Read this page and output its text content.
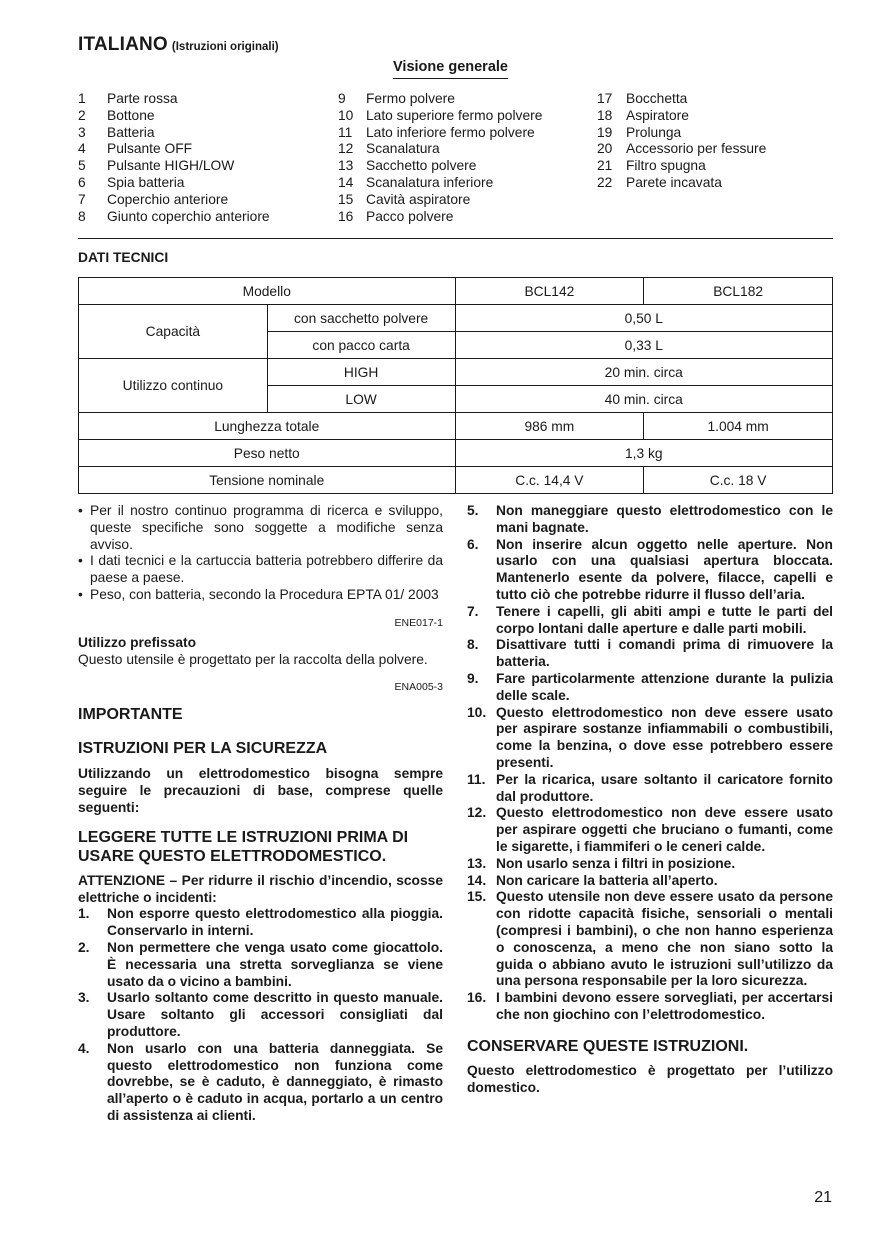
ITALIANO (Istruzioni originali)
Visione generale
1 Parte rossa
2 Bottone
3 Batteria
4 Pulsante OFF
5 Pulsante HIGH/LOW
6 Spia batteria
7 Coperchio anteriore
8 Giunto coperchio anteriore
9 Fermo polvere
10 Lato superiore fermo polvere
11 Lato inferiore fermo polvere
12 Scanalatura
13 Sacchetto polvere
14 Scanalatura inferiore
15 Cavità aspiratore
16 Pacco polvere
17 Bocchetta
18 Aspiratore
19 Prolunga
20 Accessorio per fessure
21 Filtro spugna
22 Parete incavata
DATI TECNICI
Modello		BCL142	BCL182
Capacità	con sacchetto polvere	0,50 L	
	con pacco carta	0,33 L	
Utilizzo continuo	HIGH	20 min. circa	
	LOW	40 min. circa	
Lunghezza totale		986 mm	1.004 mm
Peso netto		1,3 kg	
Tensione nominale		C.c. 14,4 V	C.c. 18 V
• Per il nostro continuo programma di ricerca e sviluppo, queste specifiche sono soggette a modifiche senza avviso.
• I dati tecnici e la cartuccia batteria potrebbero differire da paese a paese.
• Peso, con batteria, secondo la Procedura EPTA 01/ 2003
ENE017-1
Utilizzo prefissato
Questo utensile è progettato per la raccolta della polvere.
ENA005-3
IMPORTANTE
ISTRUZIONI PER LA SICUREZZA
Utilizzando un elettrodomestico bisogna sempre seguire le precauzioni di base, comprese quelle seguenti:
LEGGERE TUTTE LE ISTRUZIONI PRIMA DI USARE QUESTO ELETTRODOMESTICO.
ATTENZIONE – Per ridurre il rischio d’incendio, scosse elettriche o incidenti:
1. Non esporre questo elettrodomestico alla pioggia. Conservarlo in interni.
2. Non permettere che venga usato come giocattolo. È necessaria una stretta sorveglianza se viene usato da o vicino a bambini.
3. Usarlo soltanto come descritto in questo manuale. Usare soltanto gli accessori consigliati dal produttore.
4. Non usarlo con una batteria danneggiata. Se questo elettrodomestico non funziona come dovrebbe, se è caduto, è danneggiato, è rimasto all’aperto o è caduto in acqua, portarlo a un centro di assistenza ai clienti.
5. Non maneggiare questo elettrodomestico con le mani bagnate.
6. Non inserire alcun oggetto nelle aperture. Non usarlo con una qualsiasi apertura bloccata. Mantenerlo esente da polvere, filacce, capelli e tutto ciò che potrebbe ridurre il flusso dell’aria.
7. Tenere i capelli, gli abiti ampi e tutte le parti del corpo lontani dalle aperture e dalle parti mobili.
8. Disattivare tutti i comandi prima di rimuovere la batteria.
9. Fare particolarmente attenzione durante la pulizia delle scale.
10. Questo elettrodomestico non deve essere usato per aspirare sostanze infiammabili o combustibili, come la benzina, o dove esse potrebbero essere presenti.
11. Per la ricarica, usare soltanto il caricatore fornito dal produttore.
12. Questo elettrodomestico non deve essere usato per aspirare oggetti che bruciano o fumanti, come le sigarette, i fiammiferi o le ceneri calde.
13. Non usarlo senza i filtri in posizione.
14. Non caricare la batteria all’aperto.
15. Questo utensile non deve essere usato da persone con ridotte capacità fisiche, sensoriali o mentali (compresi i bambini), o che non hanno esperienza o conoscenza, a meno che non siano sotto la guida o abbiano avuto le istruzioni sull’utilizzo da una persona responsabile per la loro sicurezza.
16. I bambini devono essere sorvegliati, per accertarsi che non giochino con l’elettrodomestico.
CONSERVARE QUESTE ISTRUZIONI.
Questo elettrodomestico è progettato per l’utilizzo domestico.
21
